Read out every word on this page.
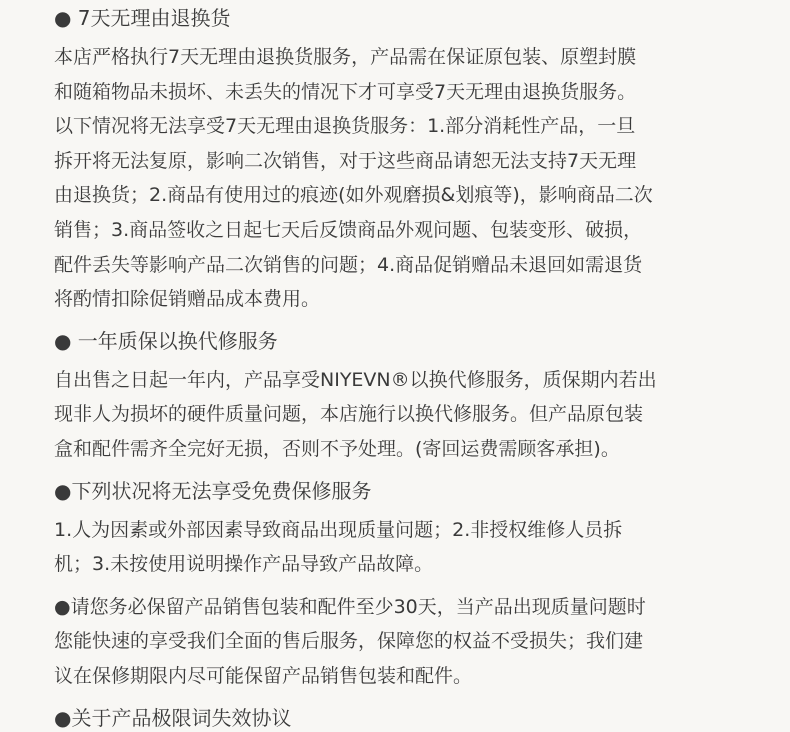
● 7天无理由退换货

本店严格执行7天无理由退换货服务，产品需在保证原包装、原塑封膜
和随箱物品未损坏、未丢失的情况下才可享受7天无理由退换货服务。
以下情况将无法享受7天无理由退换货服务：1.部分消耗性产品，一旦
拆开将无法复原，影响二次销售，对于这些商品请恕无法支持7天无理
由退换货；2.商品有使用过的痕迹(如外观磨损&划痕等)，影响商品二次
销售；3.商品签收之日起七天后反馈商品外观问题、包装变形、破损，
配件丢失等影响产品二次销售的问题；4.商品促销赠品未退回如需退货
将酌情扣除促销赠品成本费用。

● 一年质保以换代修服务

自出售之日起一年内，产品享受NIYEVN®以换代修服务，质保期内若出
现非人为损坏的硬件质量问题，本店施行以换代修服务。但产品原包装
盒和配件需齐全完好无损，否则不予处理。(寄回运费需顾客承担)。

●下列状况将无法享受免费保修服务

1.人为因素或外部因素导致商品出现质量问题；2.非授权维修人员拆
机；3.未按使用说明操作产品导致产品故障。

●请您务必保留产品销售包装和配件至少30天，当产品出现质量问题时
您能快速的享受我们全面的售后服务，保障您的权益不受损失；我们建
议在保修期限内尽可能保留产品销售包装和配件。

●关于产品极限词失效协议
